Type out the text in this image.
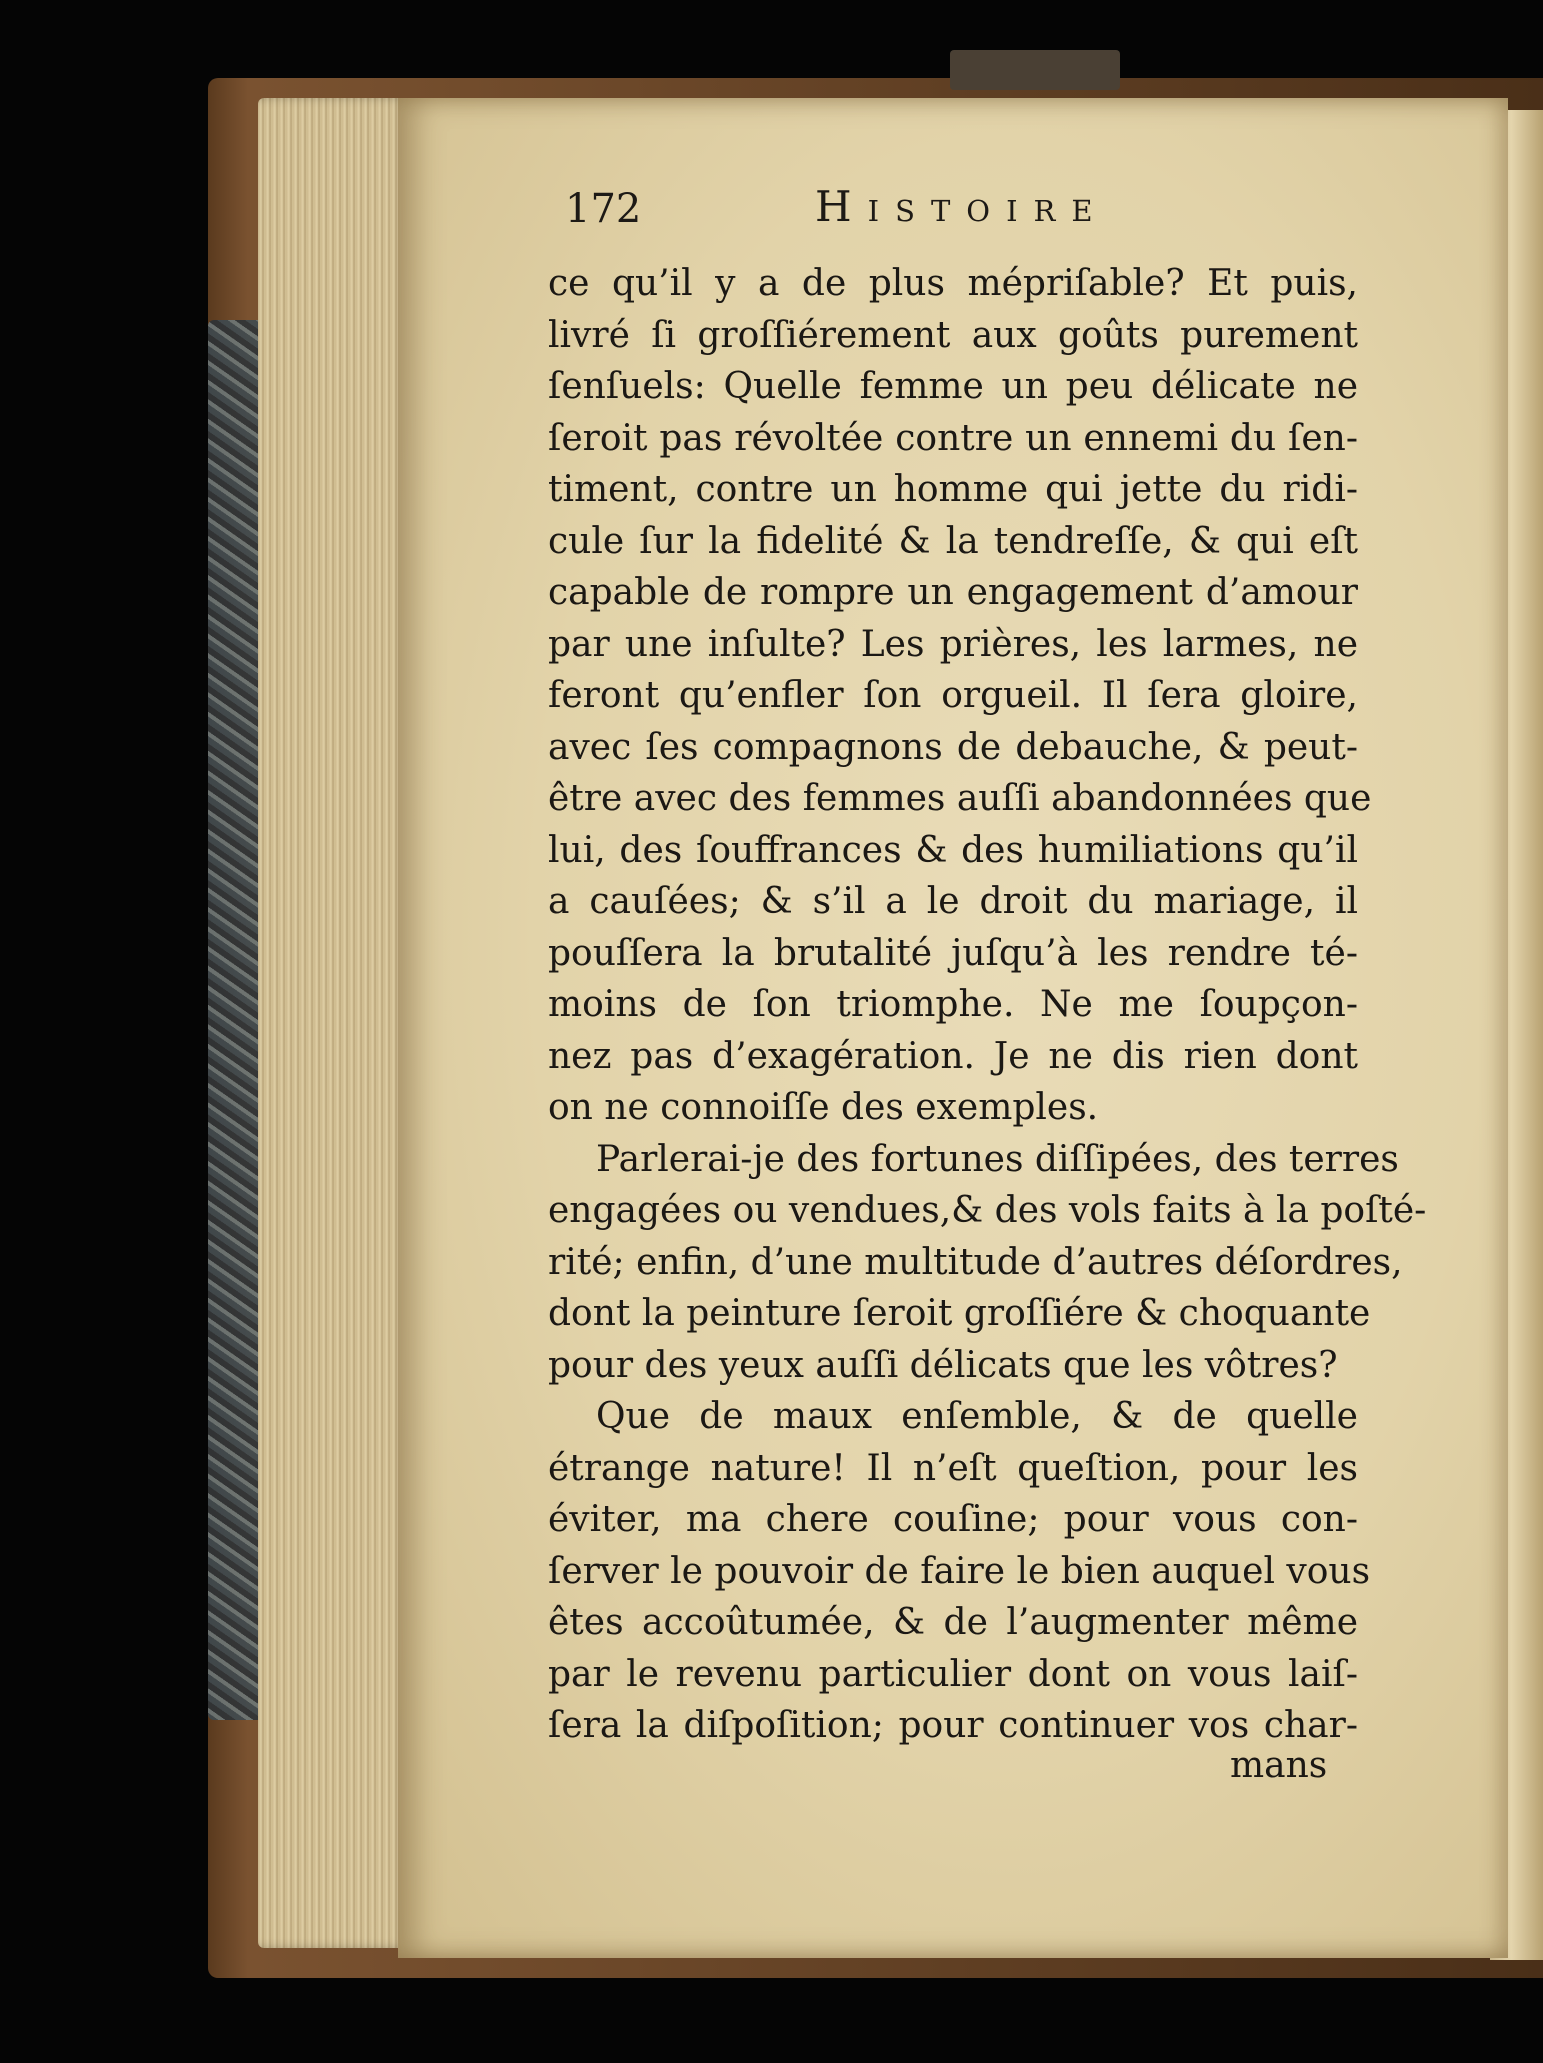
172	Histoire
ce qu’il y a de plus mépriſable? Et puis,
livré ſi groſſiérement aux goûts purement
ſenſuels: Quelle femme un peu délicate ne
ſeroit pas révoltée contre un ennemi du ſen-
timent, contre un homme qui jette du ridi-
cule ſur la fidelité & la tendreſſe, & qui eſt
capable de rompre un engagement d’amour
par une inſulte? Les prières, les larmes, ne
feront qu’enfler ſon orgueil. Il ſera gloire,
avec ſes compagnons de debauche, & peut-
être avec des femmes auſſi abandonnées que
lui, des ſouffrances & des humiliations qu’il
a cauſées; & s’il a le droit du mariage, il
pouſſera la brutalité juſqu’à les rendre té-
moins de ſon triomphe. Ne me ſoupçon-
nez pas d’exagération. Je ne dis rien dont
on ne connoiſſe des exemples.
Parlerai-je des fortunes diſſipées, des terres
engagées ou vendues,& des vols faits à la poſté-
rité; enfin, d’une multitude d’autres déſordres,
dont la peinture ſeroit groſſiére & choquante
pour des yeux auſſi délicats que les vôtres?
Que de maux enſemble, & de quelle
étrange nature! Il n’eſt queſtion, pour les
éviter, ma chere couſine; pour vous con-
ſerver le pouvoir de faire le bien auquel vous
êtes accoûtumée, & de l’augmenter même
par le revenu particulier dont on vous laiſ-
ſera la diſpoſition; pour continuer vos char-
mans
